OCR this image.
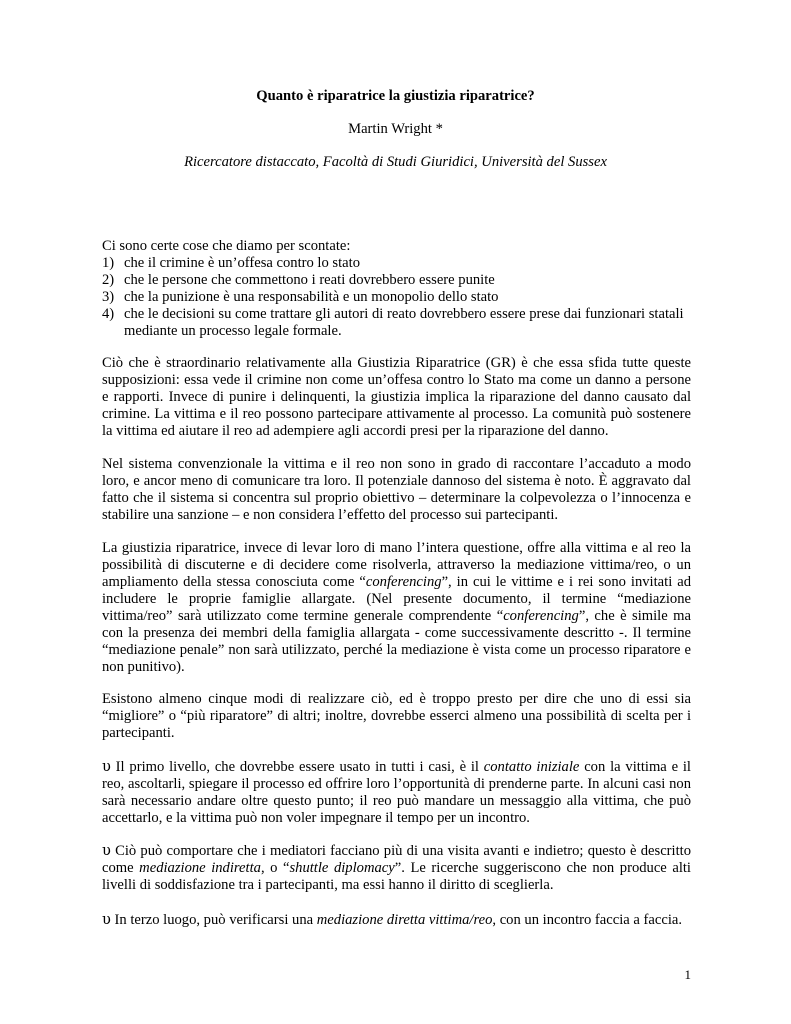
Quanto è riparatrice la giustizia riparatrice?
Martin Wright *
Ricercatore distaccato, Facoltà di Studi Giuridici, Università del Sussex

Ci sono certe cose che diamo per scontate:

1) che il crimine è un’offesa contro lo stato
2) che le persone che commettono i reati dovrebbero essere punite
3) che la punizione è una responsabilità e un monopolio dello stato
4) che le decisioni su come trattare gli autori di reato dovrebbero essere prese dai funzionari statali mediante un processo legale formale.

Ciò che è straordinario relativamente alla Giustizia Riparatrice (GR) è che essa sfida tutte queste supposizioni: essa vede il crimine non come un’offesa contro lo Stato ma come un danno a persone e rapporti. Invece di punire i delinquenti, la giustizia implica la riparazione del danno causato dal crimine. La vittima e il reo possono partecipare attivamente al processo. La comunità può sostenere la vittima ed aiutare il reo ad adempiere agli accordi presi per la riparazione del danno.

Nel sistema convenzionale la vittima e il reo non sono in grado di raccontare l’accaduto a modo loro, e ancor meno di comunicare tra loro. Il potenziale dannoso del sistema è noto. È aggravato dal fatto che il sistema si concentra sul proprio obiettivo – determinare la colpevolezza o l’innocenza e stabilire una sanzione – e non considera l’effetto del processo sui partecipanti.

La giustizia riparatrice, invece di levar loro di mano l’intera questione, offre alla vittima e al reo la possibilità di discuterne e di decidere come risolverla, attraverso la mediazione vittima/reo, o un ampliamento della stessa conosciuta come “conferencing”, in cui le vittime e i rei sono invitati ad includere le proprie famiglie allargate. (Nel presente documento, il termine “mediazione vittima/reo” sarà utilizzato come termine generale comprendente “conferencing”, che è simile ma con la presenza dei membri della famiglia allargata - come successivamente descritto -. Il termine “mediazione penale” non sarà utilizzato, perché la mediazione è vista come un processo riparatore e non punitivo).

Esistono almeno cinque modi di realizzare ciò, ed è troppo presto per dire che uno di essi sia “migliore” o “più riparatore” di altri; inoltre, dovrebbe esserci almeno una possibilità di scelta per i partecipanti.

υ Il primo livello, che dovrebbe essere usato in tutti i casi, è il contatto iniziale con la vittima e il reo, ascoltarli, spiegare il processo ed offrire loro l’opportunità di prenderne parte. In alcuni casi non sarà necessario andare oltre questo punto; il reo può mandare un messaggio alla vittima, che può accettarlo, e la vittima può non voler impegnare il tempo per un incontro.

υ Ciò può comportare che i mediatori facciano più di una visita avanti e indietro; questo è descritto come mediazione indiretta, o “shuttle diplomacy”. Le ricerche suggeriscono che non produce alti livelli di soddisfazione tra i partecipanti, ma essi hanno il diritto di sceglierla.

υ In terzo luogo, può verificarsi una mediazione diretta vittima/reo, con un incontro faccia a faccia.

1
